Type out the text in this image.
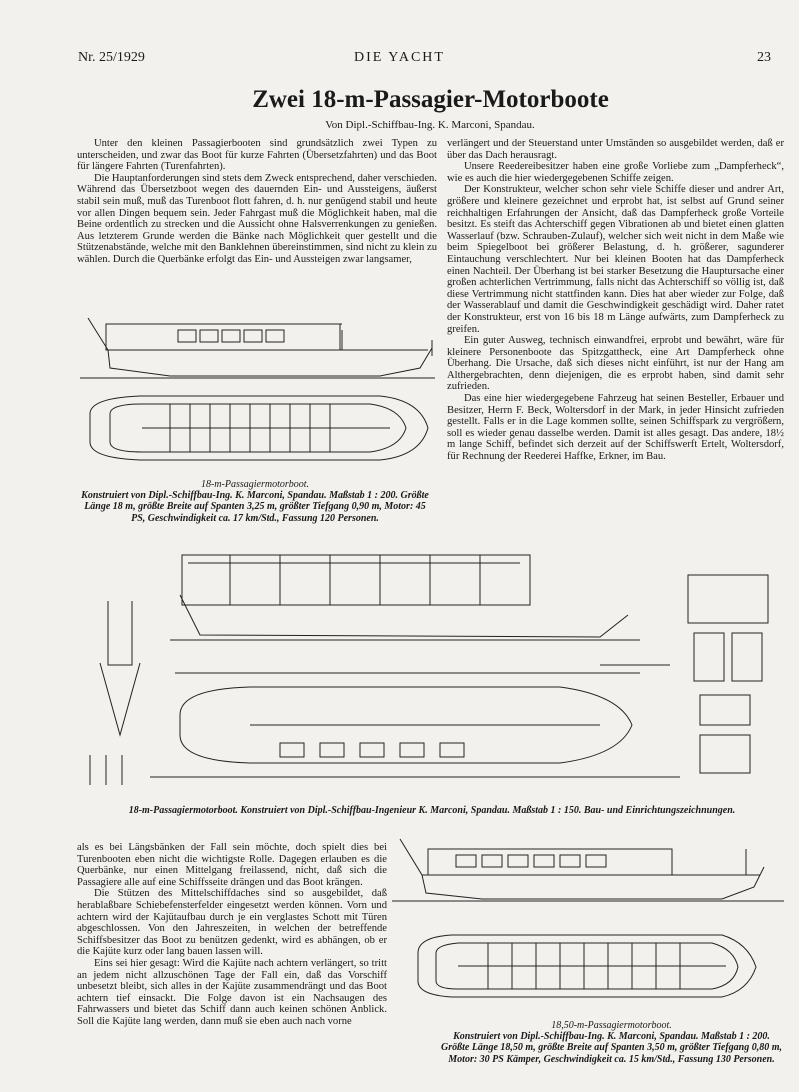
Nr. 25/1929	DIE YACHT	23
Zwei 18-m-Passagier-Motorboote
Von Dipl.-Schiffbau-Ing. K. Marconi, Spandau.

Unter den kleinen Passagierbooten sind grundsätzlich zwei Typen zu unterscheiden, und zwar das Boot für kurze Fahrten (Übersetzfahrten) und das Boot für längere Fahrten (Turenfahrten).

Die Hauptanforderungen sind stets dem Zweck entsprechend, daher verschieden. Während das Übersetzboot wegen des dauernden Ein- und Aussteigens, äußerst stabil sein muß, muß das Turenboot flott fahren, d. h. nur genügend stabil und heute vor allen Dingen bequem sein. Jeder Fahrgast muß die Möglichkeit haben, mal die Beine ordentlich zu strecken und die Aussicht ohne Halsverrenkungen zu genießen. Aus letzterem Grunde werden die Bänke nach Möglichkeit quer gestellt und die Stützenabstände, welche mit den Banklehnen übereinstimmen, sind nicht zu klein zu wählen. Durch die Querbänke erfolgt das Ein- und Aussteigen zwar langsamer,

verlängert und der Steuerstand unter Umständen so ausgebildet werden, daß er über das Dach herausragt.

Unsere Reedereibesitzer haben eine große Vorliebe zum „Dampferheck“, wie es auch die hier wiedergegebenen Schiffe zeigen.

Der Konstrukteur, welcher schon sehr viele Schiffe dieser und andrer Art, größere und kleinere gezeichnet und erprobt hat, ist selbst auf Grund seiner reichhaltigen Erfahrungen der Ansicht, daß das Dampferheck große Vorteile besitzt. Es steift das Achterschiff gegen Vibrationen ab und bietet einen glatten Wasserlauf (bzw. Schrauben-Zulauf), welcher sich weit nicht in dem Maße wie beim Spiegelboot bei größerer Belastung, d. h. größerer, sagunderer Eintauchung verschlechtert. Nur bei kleinen Booten hat das Dampferheck einen Nachteil. Der Überhang ist bei starker Besetzung die Hauptursache einer großen achterlichen Vertrimmung, falls nicht das Achterschiff so völlig ist, daß diese Vertrimmung nicht stattfinden kann. Dies hat aber wieder zur Folge, daß der Wasserablauf und damit die Geschwindigkeit geschädigt wird. Daher ratet der Konstrukteur, erst von 16 bis 18 m Länge aufwärts, zum Dampferheck zu greifen.

Ein guter Ausweg, technisch einwandfrei, erprobt und bewährt, wäre für kleinere Personenboote das Spitzgattheck, eine Art Dampferheck ohne Überhang. Die Ursache, daß sich dieses nicht einführt, ist nur der Hang am Althergebrachten, denn diejenigen, die es erprobt haben, sind damit sehr zufrieden.

Das eine hier wiedergegebene Fahrzeug hat seinen Besteller, Erbauer und Besitzer, Herrn F. Beck, Woltersdorf in der Mark, in jeder Hinsicht zufrieden gestellt. Falls er in die Lage kommen sollte, seinen Schiffspark zu vergrößern, soll es wieder genau dasselbe werden. Damit ist alles gesagt. Das andere, 18½ m lange Schiff, befindet sich derzeit auf der Schiffswerft Ertelt, Woltersdorf, für Rechnung der Reederei Haffke, Erkner, im Bau.

18-m-Passagiermotorboot.
Konstruiert von Dipl.-Schiffbau-Ing. K. Marconi, Spandau. Maßstab 1 : 200. Größte Länge 18 m, größte Breite auf Spanten 3,25 m, größter Tiefgang 0,90 m, Motor: 45 PS, Geschwindigkeit ca. 17 km/Std., Fassung 120 Personen.
18-m-Passagiermotorboot. Konstruiert von Dipl.-Schiffbau-Ingenieur K. Marconi, Spandau. Maßstab 1 : 150. Bau- und Einrichtungszeichnungen.

als es bei Längsbänken der Fall sein möchte, doch spielt dies bei Turenbooten eben nicht die wichtigste Rolle. Dagegen erlauben es die Querbänke, nur einen Mittelgang freilassend, nicht, daß sich die Passagiere alle auf eine Schiffsseite drängen und das Boot krängen.

Die Stützen des Mittelschiffdaches sind so ausgebildet, daß herablaßbare Schiebefensterfelder eingesetzt werden können. Vorn und achtern wird der Kajütaufbau durch je ein verglastes Schott mit Türen abgeschlossen. Von den Jahreszeiten, in welchen der betreffende Schiffsbesitzer das Boot zu benützen gedenkt, wird es abhängen, ob er die Kajüte kurz oder lang bauen lassen will.

Eins sei hier gesagt: Wird die Kajüte nach achtern verlängert, so tritt an jedem nicht allzuschönen Tage der Fall ein, daß das Vorschiff unbesetzt bleibt, sich alles in der Kajüte zusammendrängt und das Boot achtern tief einsackt. Die Folge davon ist ein Nachsaugen des Fahrwassers und bietet das Schiff dann auch keinen schönen Anblick. Soll die Kajüte lang werden, dann muß sie eben auch nach vorne	18,50-m-Passagiermotorboot.
Konstruiert von Dipl.-Schiffbau-Ing. K. Marconi, Spandau. Maßstab 1 : 200. Größte Länge 18,50 m, größte Breite auf Spanten 3,50 m, größter Tiefgang 0,80 m, Motor: 30 PS Kämper, Geschwindigkeit ca. 15 km/Std., Fassung 130 Personen.
